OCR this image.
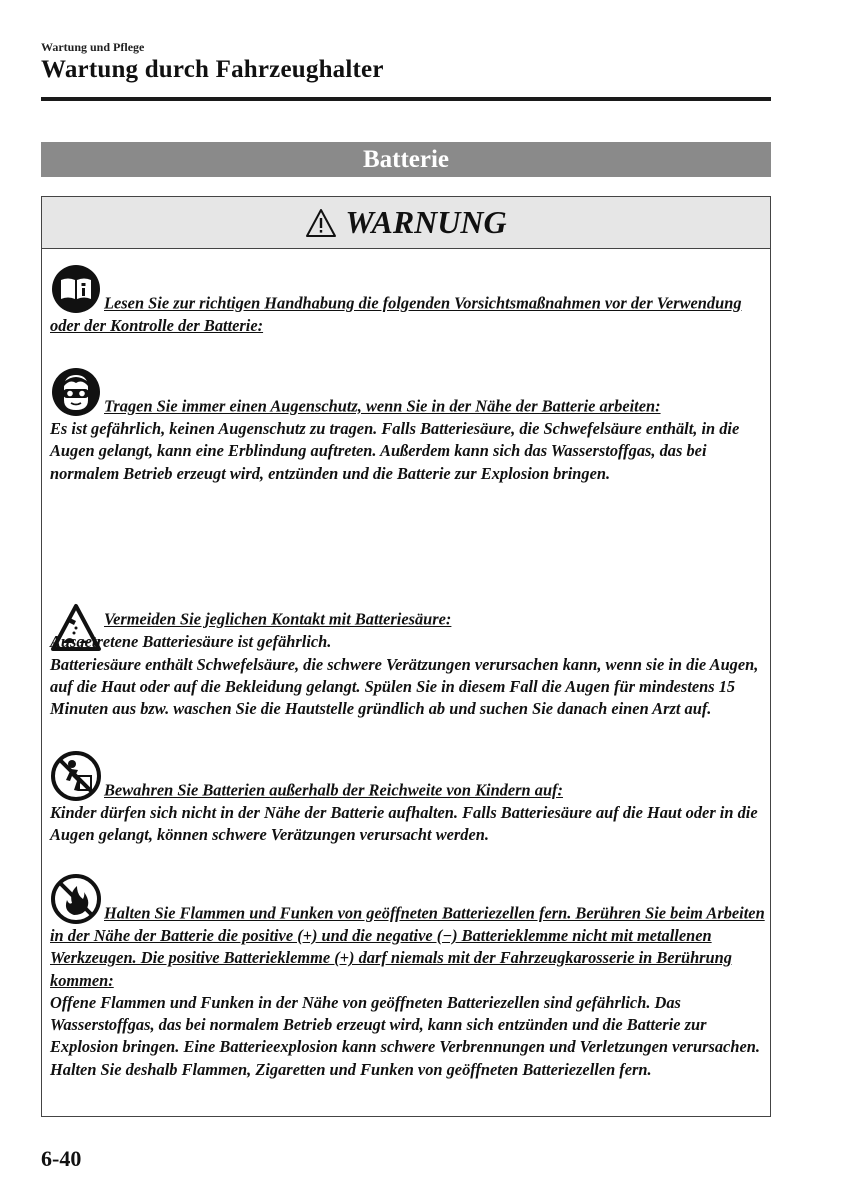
Wartung und Pflege
Wartung durch Fahrzeughalter
Batterie
WARNUNG
Lesen Sie zur richtigen Handhabung die folgenden Vorsichtsmaßnahmen vor der Verwendung oder der Kontrolle der Batterie:
Tragen Sie immer einen Augenschutz, wenn Sie in der Nähe der Batterie arbeiten:
Es ist gefährlich, keinen Augenschutz zu tragen. Falls Batteriesäure, die Schwefelsäure enthält, in die Augen gelangt, kann eine Erblindung auftreten. Außerdem kann sich das Wasserstoffgas, das bei normalem Betrieb erzeugt wird, entzünden und die Batterie zur Explosion bringen.

Vermeiden Sie jeglichen Kontakt mit Batteriesäure:
Ausgetretene Batteriesäure ist gefährlich.
Batteriesäure enthält Schwefelsäure, die schwere Verätzungen verursachen kann, wenn sie in die Augen, auf die Haut oder auf die Bekleidung gelangt. Spülen Sie in diesem Fall die Augen für mindestens 15 Minuten aus bzw. waschen Sie die Hautstelle gründlich ab und suchen Sie danach einen Arzt auf.

Bewahren Sie Batterien außerhalb der Reichweite von Kindern auf:
Kinder dürfen sich nicht in der Nähe der Batterie aufhalten. Falls Batteriesäure auf die Haut oder in die Augen gelangt, können schwere Verätzungen verursacht werden.
Halten Sie Flammen und Funken von geöffneten Batteriezellen fern. Berühren Sie beim Arbeiten in der Nähe der Batterie die positive (+) und die negative (−) Batterieklemme nicht mit metallenen Werkzeugen. Die positive Batterieklemme (+) darf niemals mit der Fahrzeugkarosserie in Berührung kommen:
Offene Flammen und Funken in der Nähe von geöffneten Batteriezellen sind gefährlich. Das Wasserstoffgas, das bei normalem Betrieb erzeugt wird, kann sich entzünden und die Batterie zur Explosion bringen. Eine Batterieexplosion kann schwere Verbrennungen und Verletzungen verursachen. Halten Sie deshalb Flammen, Zigaretten und Funken von geöffneten Batteriezellen fern.
6-40
